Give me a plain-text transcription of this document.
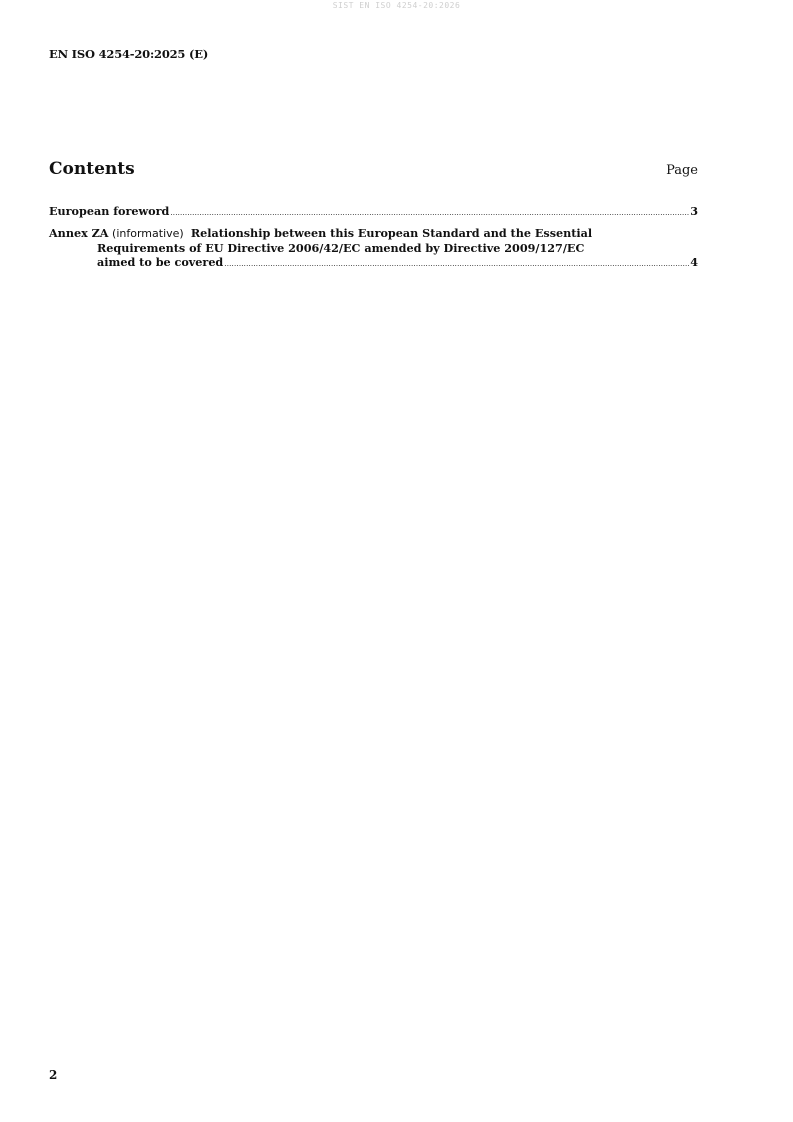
SIST EN ISO 4254-20:2026
EN ISO 4254-20:2025 (E)
Contents	Page
European foreword .....	3
Annex ZA
(informative)
Relationship between this European Standard and the Essential
Requirements of EU Directive 2006/42/EC amended by Directive 2009/127/EC
aimed to be covered .....	4
2
